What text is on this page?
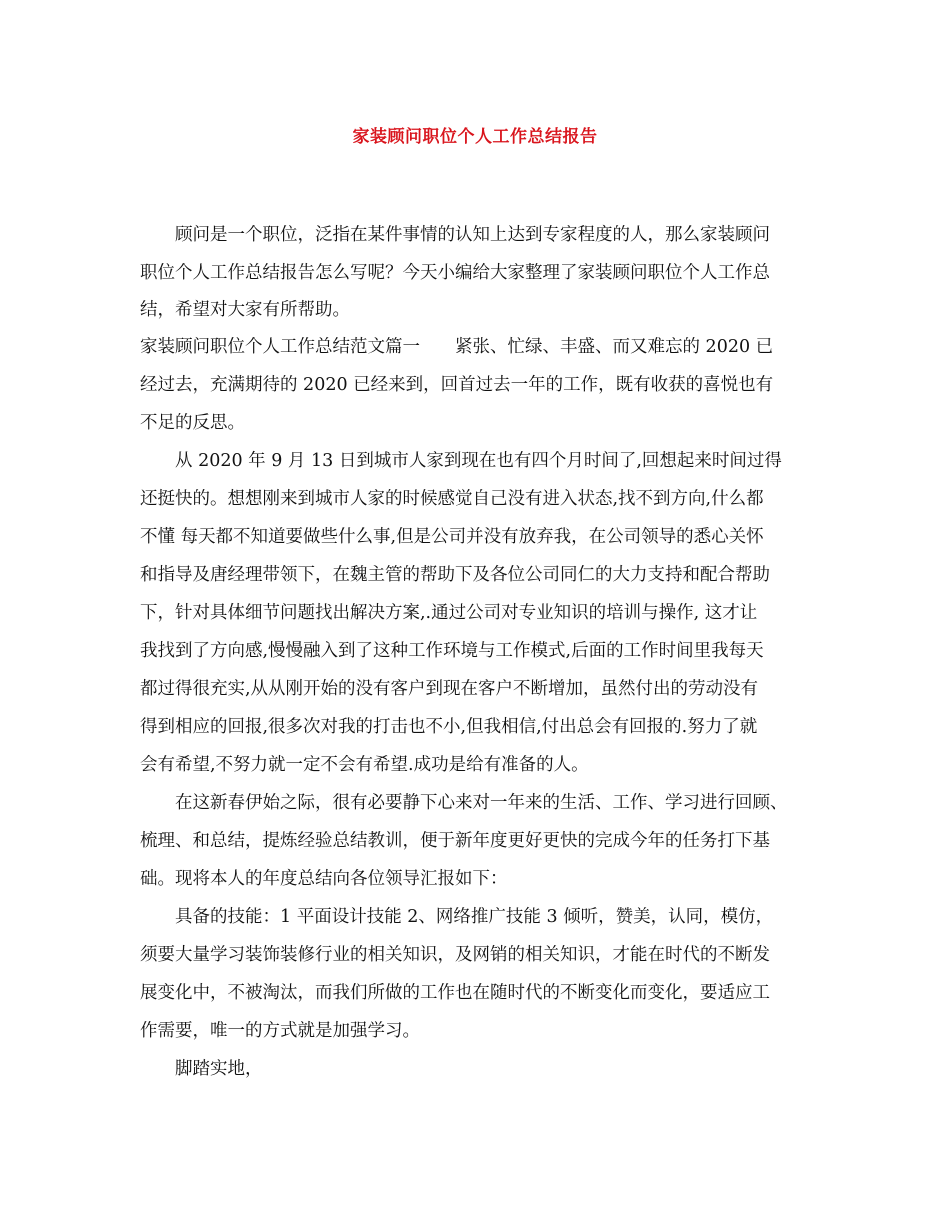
家装顾问职位个人工作总结报告
顾问是一个职位，泛指在某件事情的认知上达到专家程度的人，那么家装顾问
职位个人工作总结报告怎么写呢？今天小编给大家整理了家装顾问职位个人工作总
结，希望对大家有所帮助。
家装顾问职位个人工作总结范文篇一　　紧张、忙绿、丰盛、而又难忘的 2020 已
经过去，充满期待的 2020 已经来到，回首过去一年的工作，既有收获的喜悦也有
不足的反思。
从 2020 年 9 月 13 日到城市人家到现在也有四个月时间了,回想起来时间过得
还挺快的。想想刚来到城市人家的时候感觉自己没有进入状态,找不到方向,什么都
不懂 每天都不知道要做些什么事,但是公司并没有放弃我，在公司领导的悉心关怀
和指导及唐经理带领下，在魏主管的帮助下及各位公司同仁的大力支持和配合帮助
下，针对具体细节问题找出解决方案,.通过公司对专业知识的培训与操作, 这才让
我找到了方向感,慢慢融入到了这种工作环境与工作模式,后面的工作时间里我每天
都过得很充实,从从刚开始的没有客户到现在客户不断增加，虽然付出的劳动没有
得到相应的回报,很多次对我的打击也不小,但我相信,付出总会有回报的.努力了就
会有希望,不努力就一定不会有希望.成功是给有准备的人。
在这新春伊始之际，很有必要静下心来对一年来的生活、工作、学习进行回顾、
梳理、和总结，提炼经验总结教训，便于新年度更好更快的完成今年的任务打下基
础。现将本人的年度总结向各位领导汇报如下：
具备的技能：1 平面设计技能 2、网络推广技能 3 倾听，赞美，认同，模仿，
须要大量学习装饰装修行业的相关知识，及网销的相关知识，才能在时代的不断发
展变化中，不被淘汰，而我们所做的工作也在随时代的不断变化而变化，要适应工
作需要，唯一的方式就是加强学习。
脚踏实地，
